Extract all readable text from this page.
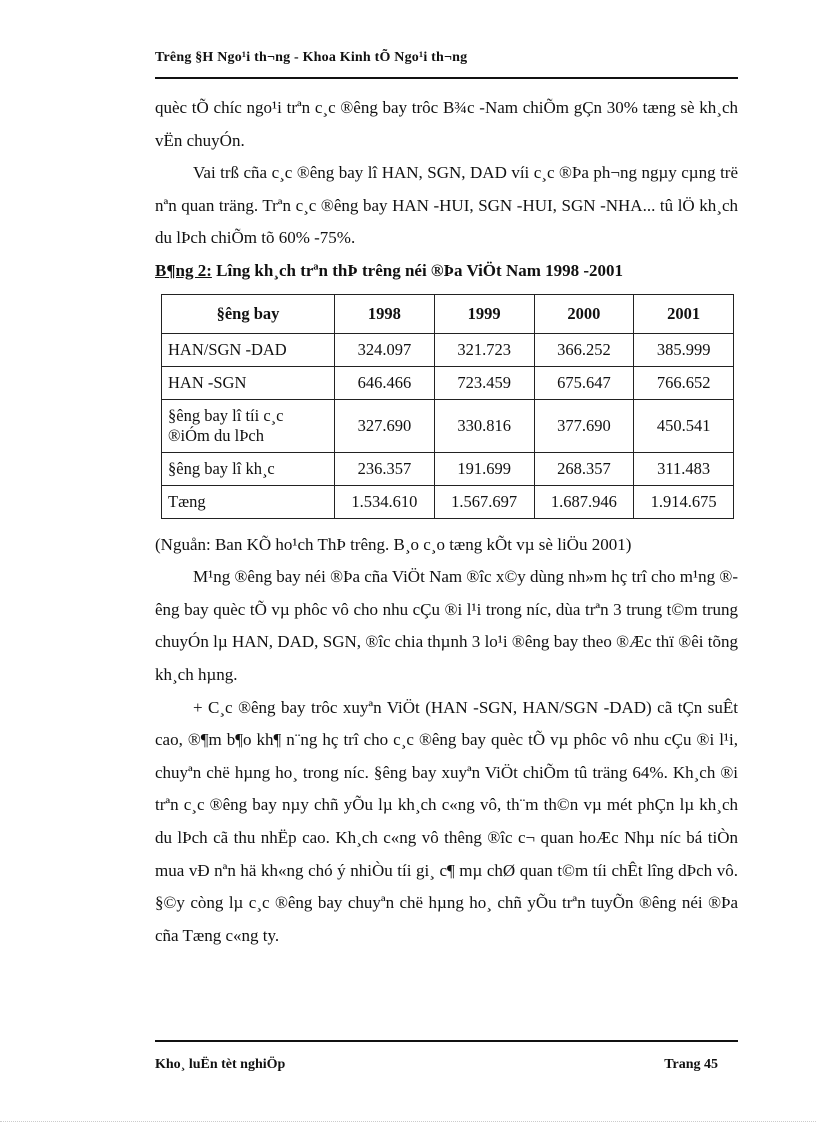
Trêng §H Ngo¹i th¬ng - Khoa Kinh tÕ Ngo¹i th¬ng

quèc tÕ chíc ngo¹i trªn c¸c ®êng bay trôc B¾c -Nam chiÕm gÇn 30% tæng sè kh¸ch vËn chuyÓn.

Vai trß cña c¸c ®êng bay lî HAN, SGN, DAD víi c¸c ®Þa ph¬ng ngµy cµng trë nªn quan träng. Trªn c¸c ®êng bay HAN -HUI, SGN -HUI, SGN -NHA... tû lÖ kh¸ch du lÞch chiÕm tõ 60% -75%.

B¶ng 2: Lîng kh¸ch trªn thÞ trêng néi ®Þa ViÖt Nam 1998 -2001

§êng bay	1998	1999	2000	2001
HAN/SGN -DAD	324.097	321.723	366.252	385.999
HAN -SGN	646.466	723.459	675.647	766.652
§êng bay lî tíi c¸c ®iÓm du lÞch	327.690	330.816	377.690	450.541
§êng bay lî kh¸c	236.357	191.699	268.357	311.483
Tæng	1.534.610	1.567.697	1.687.946	1.914.675

(Nguån: Ban KÕ ho¹ch ThÞ trêng. B¸o c¸o tæng kÕt vµ sè liÖu 2001)

M¹ng ®êng bay néi ®Þa cña ViÖt Nam ®îc x©y dùng nh»m hç trî cho m¹ng ®êng bay quèc tÕ vµ phôc vô cho nhu cÇu ®i l¹i trong níc, dùa trªn 3 trung t©m trung chuyÓn lµ HAN, DAD, SGN, ®îc chia thµnh 3 lo¹i ®êng bay theo ®Æc thï ®êi tõng kh¸ch hµng.

+ C¸c ®êng bay trôc xuyªn ViÖt (HAN -SGN, HAN/SGN -DAD) cã tÇn suÊt cao, ®¶m b¶o kh¶ n¨ng hç trî cho c¸c ®êng bay quèc tÕ vµ phôc vô nhu cÇu ®i l¹i, chuyªn chë hµng ho¸ trong níc. §êng bay xuyªn ViÖt chiÕm tû träng 64%. Kh¸ch ®i trªn c¸c ®êng bay nµy chñ yÕu lµ kh¸ch c«ng vô, th¨m th©n vµ mét phÇn lµ kh¸ch du lÞch cã thu nhËp cao. Kh¸ch c«ng vô thêng ®îc c¬ quan hoÆc Nhµ níc bá tiÒn mua vÐ nªn hä kh«ng chó ý nhiÒu tíi gi¸ c¶ mµ chØ quan t©m tíi chÊt lîng dÞch vô. §©y còng lµ c¸c ®êng bay chuyªn chë hµng ho¸ chñ yÕu trªn tuyÕn ®êng néi ®Þa cña Tæng c«ng ty.

Kho¸ luËn tèt nghiÖp	Trang 45
